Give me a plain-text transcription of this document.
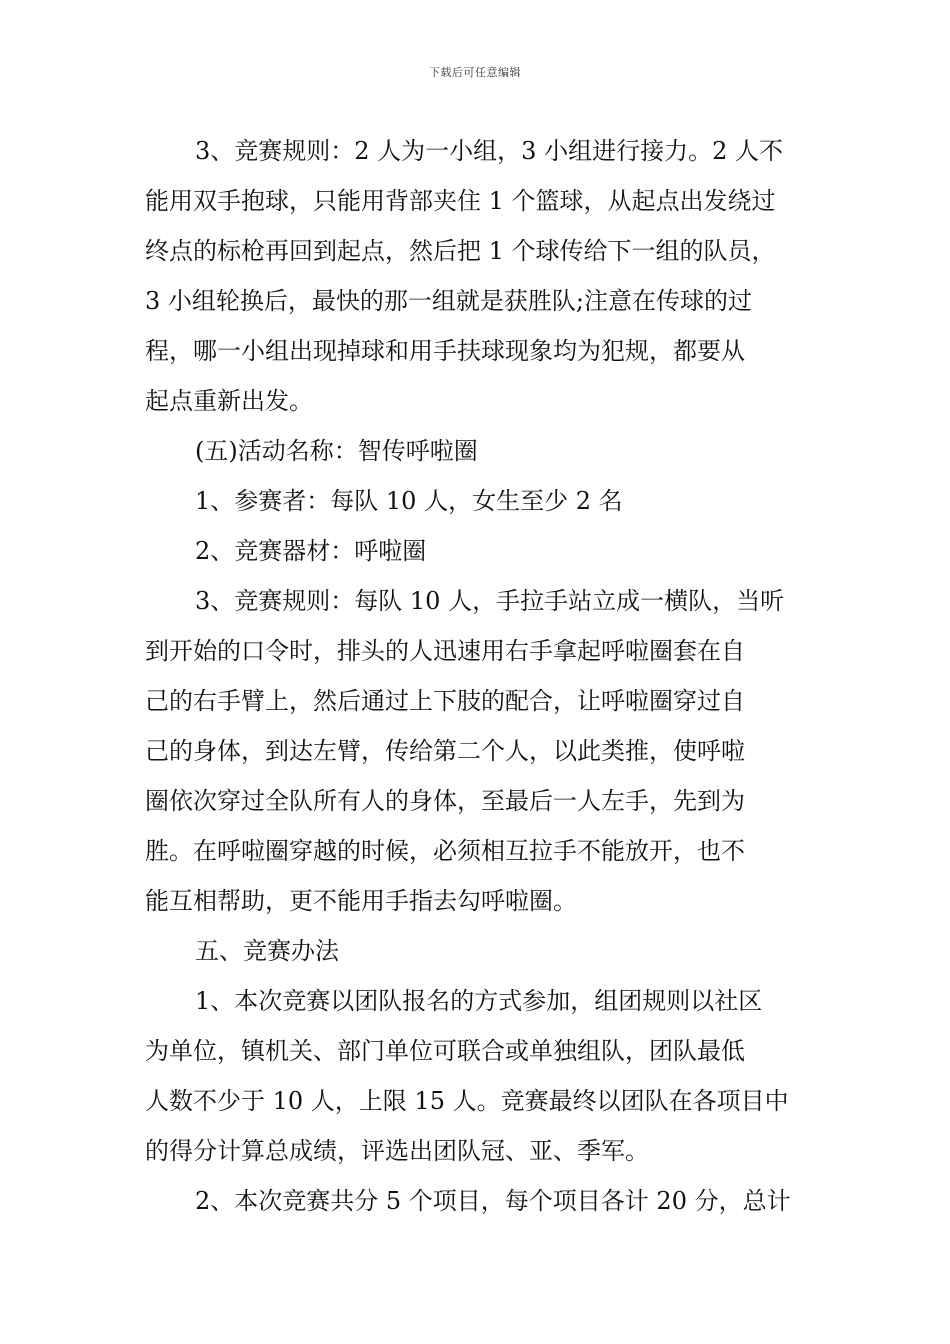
下载后可任意编辑
3、竞赛规则：2 人为一小组，3 小组进行接力。2 人不
能用双手抱球，只能用背部夹住 1 个篮球，从起点出发绕过
终点的标枪再回到起点，然后把 1 个球传给下一组的队员，
3 小组轮换后，最快的那一组就是获胜队;注意在传球的过
程，哪一小组出现掉球和用手扶球现象均为犯规，都要从
起点重新出发。
(五)活动名称：智传呼啦圈
1、参赛者：每队 10 人，女生至少 2 名
2、竞赛器材：呼啦圈
3、竞赛规则：每队 10 人，手拉手站立成一横队，当听
到开始的口令时，排头的人迅速用右手拿起呼啦圈套在自
己的右手臂上，然后通过上下肢的配合，让呼啦圈穿过自
己的身体，到达左臂，传给第二个人，以此类推，使呼啦
圈依次穿过全队所有人的身体，至最后一人左手，先到为
胜。在呼啦圈穿越的时候，必须相互拉手不能放开，也不
能互相帮助，更不能用手指去勾呼啦圈。
五、竞赛办法
1、本次竞赛以团队报名的方式参加，组团规则以社区
为单位，镇机关、部门单位可联合或单独组队，团队最低
人数不少于 10 人，上限 15 人。竞赛最终以团队在各项目中
的得分计算总成绩，评选出团队冠、亚、季军。
2、本次竞赛共分 5 个项目，每个项目各计 20 分，总计
